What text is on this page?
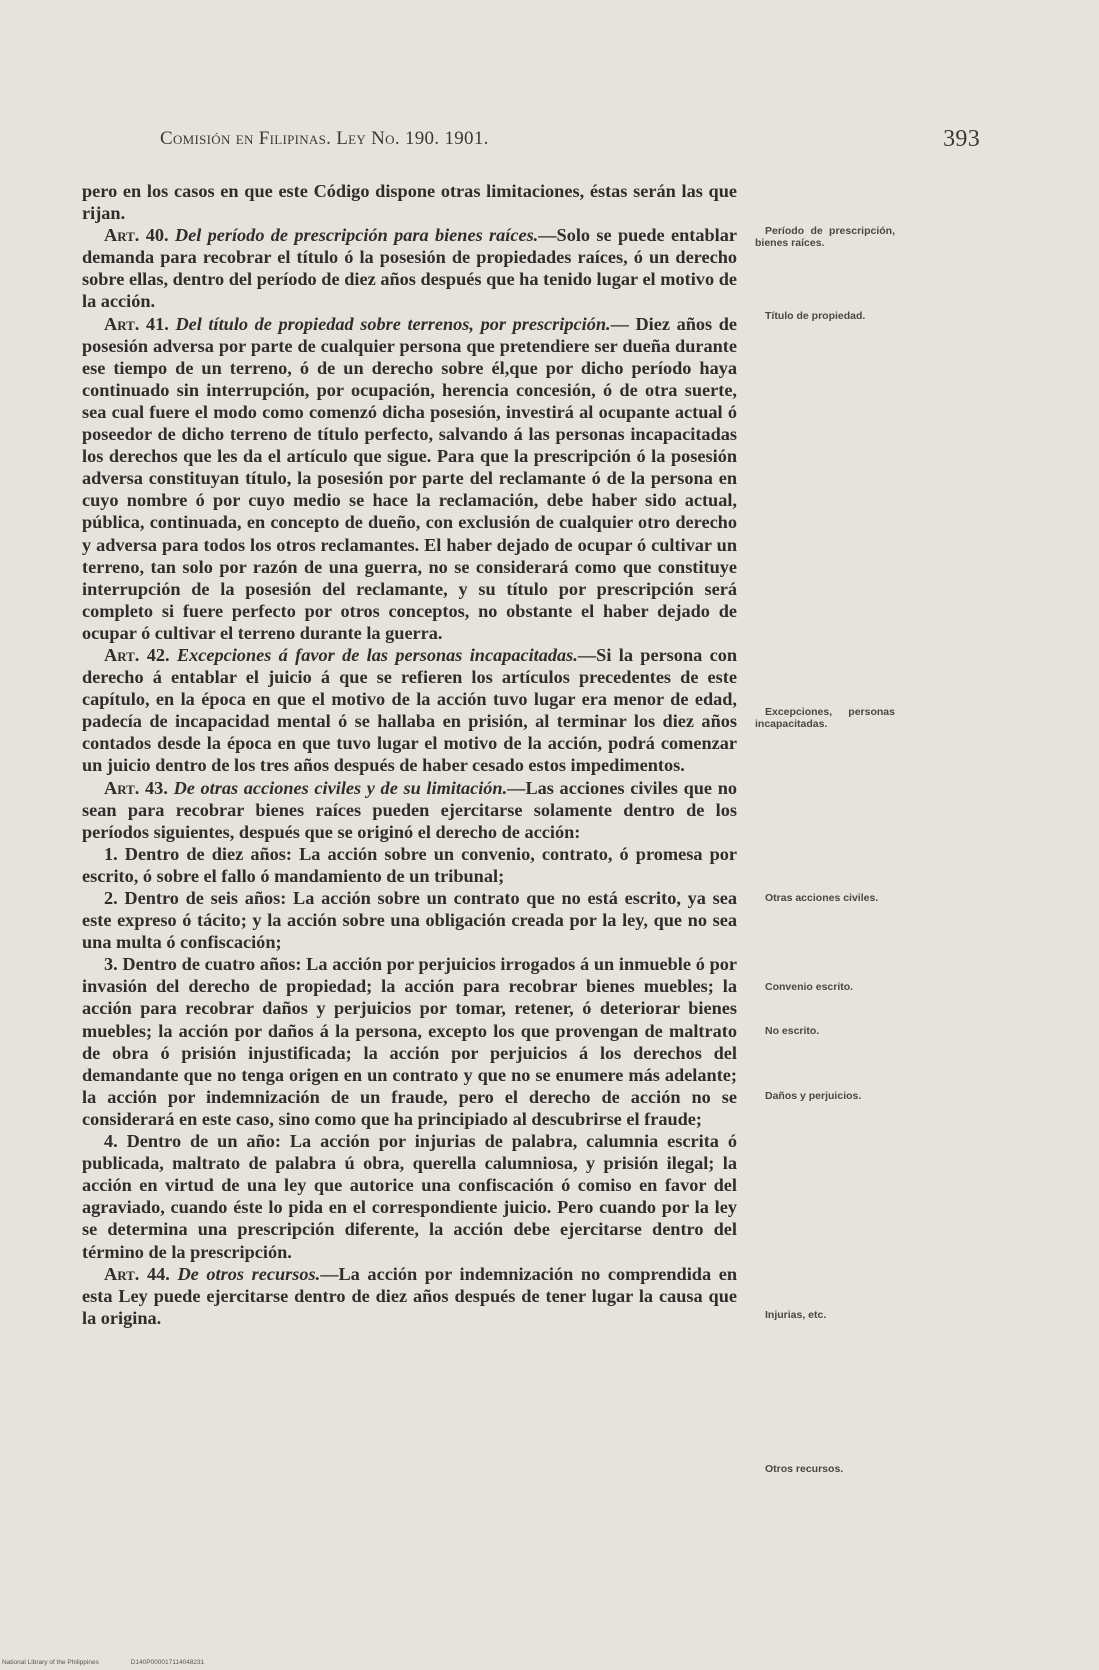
Comisión en Filipinas. Ley No. 190. 1901.	393

pero en los casos en que este Código dispone otras limitaciones, éstas serán las que rijan.

Art. 40. Del período de prescripción para bienes raíces.—Solo se puede entablar demanda para recobrar el título ó la posesión de propiedades raíces, ó un derecho sobre ellas, dentro del período de diez años después que ha tenido lugar el motivo de la acción.

Art. 41. Del título de propiedad sobre terrenos, por prescripción.— Diez años de posesión adversa por parte de cualquier persona que pretendiere ser dueña durante ese tiempo de un terreno, ó de un derecho sobre él,que por dicho período haya continuado sin interrupción, por ocupación, herencia concesión, ó de otra suerte, sea cual fuere el modo como comenzó dicha posesión, investirá al ocupante actual ó poseedor de dicho terreno de título perfecto, salvando á las personas incapacitadas los derechos que les da el artículo que sigue. Para que la prescripción ó la posesión adversa constituyan título, la posesión por parte del reclamante ó de la persona en cuyo nombre ó por cuyo medio se hace la reclamación, debe haber sido actual, pública, continuada, en concepto de dueño, con exclusión de cualquier otro derecho y adversa para todos los otros reclamantes. El haber dejado de ocupar ó cultivar un terreno, tan solo por razón de una guerra, no se considerará como que constituye interrupción de la posesión del reclamante, y su título por prescripción será completo si fuere perfecto por otros conceptos, no obstante el haber dejado de ocupar ó cultivar el terreno durante la guerra.

Art. 42. Excepciones á favor de las personas incapacitadas.—Si la persona con derecho á entablar el juicio á que se refieren los artículos precedentes de este capítulo, en la época en que el motivo de la acción tuvo lugar era menor de edad, padecía de incapacidad mental ó se hallaba en prisión, al terminar los diez años contados desde la época en que tuvo lugar el motivo de la acción, podrá comenzar un juicio dentro de los tres años después de haber cesado estos impedimentos.

Art. 43. De otras acciones civiles y de su limitación.—Las acciones civiles que no sean para recobrar bienes raíces pueden ejercitarse solamente dentro de los períodos siguientes, después que se originó el derecho de acción:

1. Dentro de diez años: La acción sobre un convenio, contrato, ó promesa por escrito, ó sobre el fallo ó mandamiento de un tribunal;

2. Dentro de seis años: La acción sobre un contrato que no está escrito, ya sea este expreso ó tácito; y la acción sobre una obligación creada por la ley, que no sea una multa ó confiscación;

3. Dentro de cuatro años: La acción por perjuicios irrogados á un inmueble ó por invasión del derecho de propiedad; la acción para recobrar bienes muebles; la acción para recobrar daños y perjuicios por tomar, retener, ó deteriorar bienes muebles; la acción por daños á la persona, excepto los que provengan de maltrato de obra ó prisión injustificada; la acción por perjuicios á los derechos del demandante que no tenga origen en un contrato y que no se enumere más adelante; la acción por indemnización de un fraude, pero el derecho de acción no se considerará en este caso, sino como que ha principiado al descubrirse el fraude;

4. Dentro de un año: La acción por injurias de palabra, calumnia escrita ó publicada, maltrato de palabra ú obra, querella calumniosa, y prisión ilegal; la acción en virtud de una ley que autorice una confiscación ó comiso en favor del agraviado, cuando éste lo pida en el correspondiente juicio. Pero cuando por la ley se determina una prescripción diferente, la acción debe ejercitarse dentro del término de la prescripción.

Art. 44. De otros recursos.—La acción por indemnización no comprendida en esta Ley puede ejercitarse dentro de diez años después de tener lugar la causa que la origina.

Período de prescripción, bienes raíces.
Título de propiedad.
Excepciones, personas incapacitadas.
Otras acciones civiles.
Convenio escrito.
No escrito.
Daños y perjuicios.
Injurias, etc.
Otros recursos.
National Library of the Philippines	D140P000017114048231
